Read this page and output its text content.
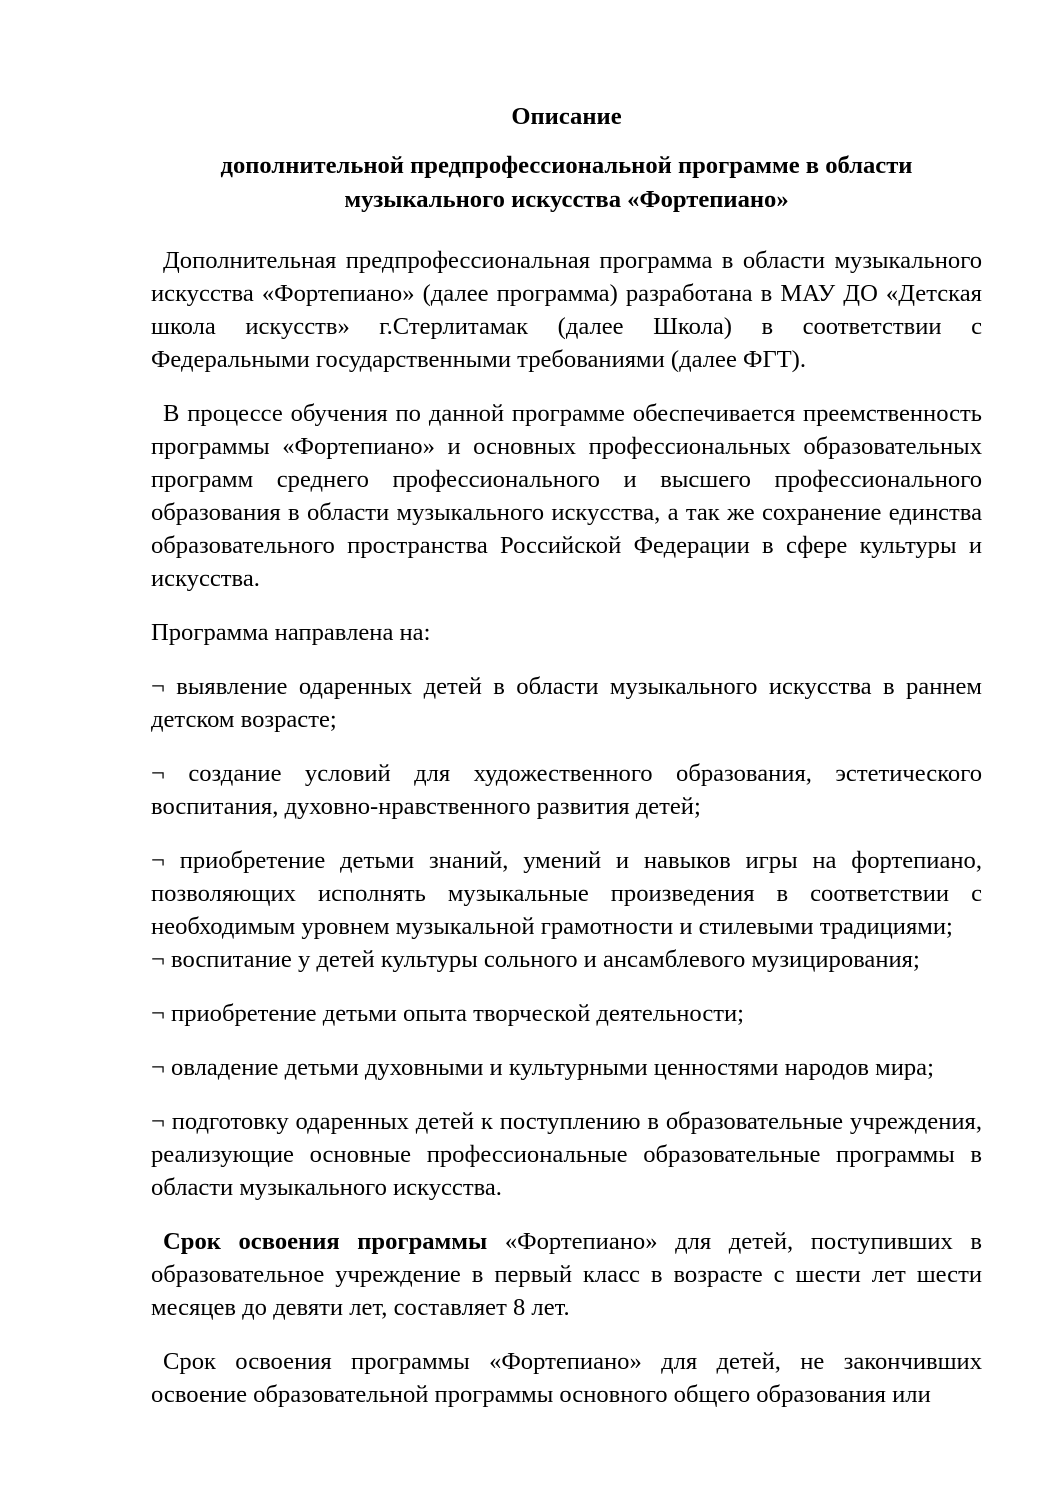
Описание
дополнительной предпрофессиональной программе в области
музыкального искусства «Фортепиано»

Дополнительная предпрофессиональная программа в области музыкального искусства «Фортепиано» (далее программа) разработана в МАУ ДО «Детская школа искусств» г.Стерлитамак (далее Школа) в соответствии с Федеральными государственными требованиями (далее ФГТ).

В процессе обучения по данной программе обеспечивается преемственность программы «Фортепиано» и основных профессиональных образовательных программ среднего профессионального и высшего профессионального образования в области музыкального искусства, а так же сохранение единства образовательного пространства Российской Федерации в сфере культуры и искусства.

Программа направлена на:

¬ выявление одаренных детей в области музыкального искусства в раннем детском возрасте;

¬ создание условий для художественного образования, эстетического воспитания, духовно-нравственного развития детей;

¬ приобретение детьми знаний, умений и навыков игры на фортепиано, позволяющих исполнять музыкальные произведения в соответствии с необходимым уровнем музыкальной грамотности и стилевыми традициями;

¬ воспитание у детей культуры сольного и ансамблевого музицирования;

¬ приобретение детьми опыта творческой деятельности;

¬ овладение детьми духовными и культурными ценностями народов мира;

¬ подготовку одаренных детей к поступлению в образовательные учреждения, реализующие основные профессиональные образовательные программы в области музыкального искусства.

Срок освоения программы «Фортепиано» для детей, поступивших в образовательное учреждение в первый класс в возрасте с шести лет шести месяцев до девяти лет, составляет 8 лет.

Срок освоения программы «Фортепиано» для детей, не закончивших освоение образовательной программы основного общего образования или
